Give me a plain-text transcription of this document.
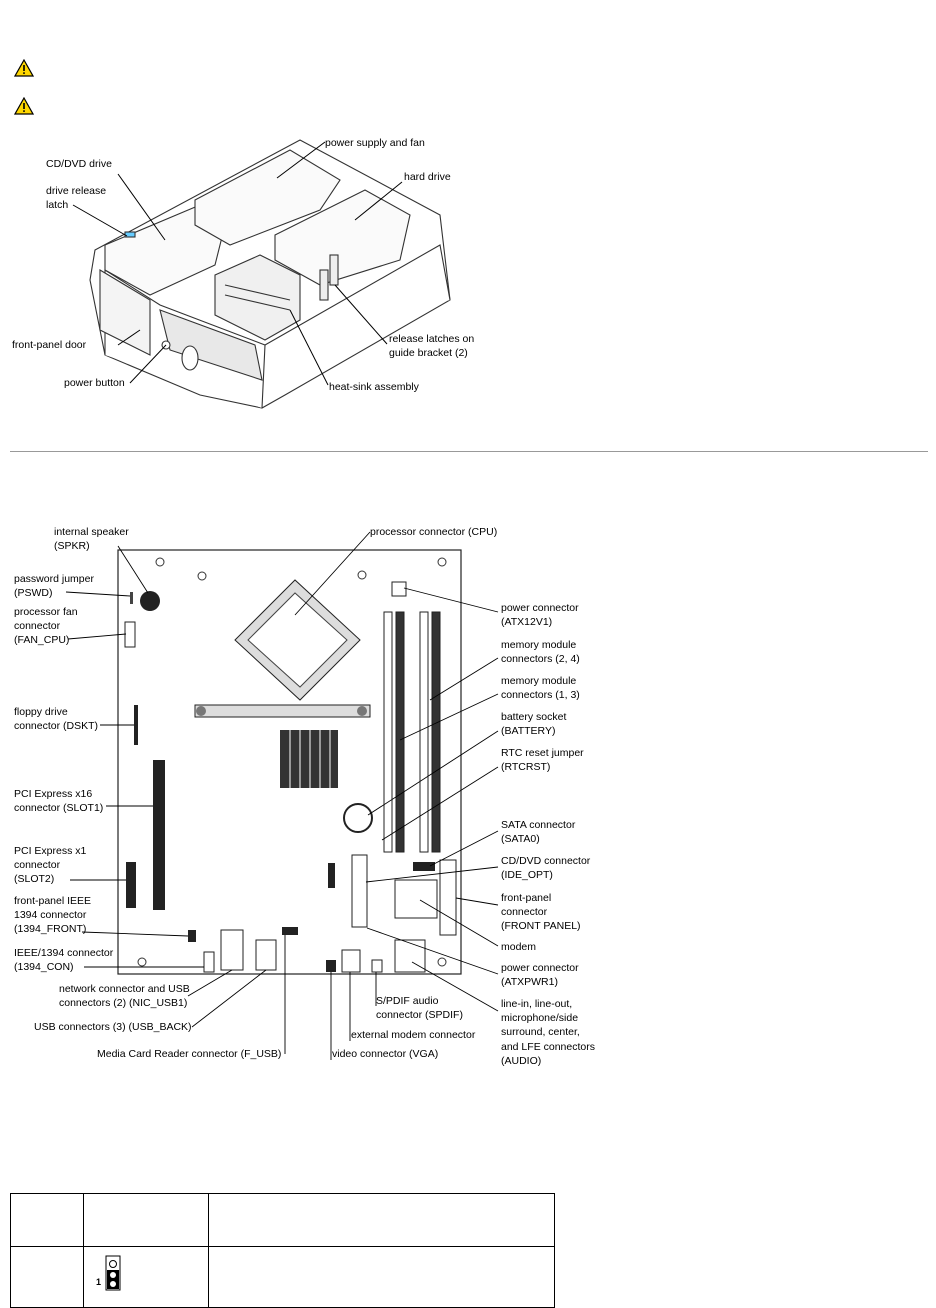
CD/DVD drive
drive release
latch
power supply and fan
hard drive
front-panel door
power button
release latches on
guide bracket (2)
heat-sink assembly
internal speaker
(SPKR)
password jumper
(PSWD)
processor fan
connector
(FAN_CPU)
floppy drive
connector (DSKT)
PCI Express x16
connector (SLOT1)
PCI Express x1
connector
(SLOT2)
front-panel IEEE
1394 connector
(1394_FRONT)
IEEE/1394 connector
(1394_CON)
network connector and USB
connectors (2) (NIC_USB1)
USB connectors (3) (USB_BACK)
Media Card Reader connector (F_USB)
processor connector (CPU)
power connector
(ATX12V1)
memory module
connectors (2, 4)
memory module
connectors (1, 3)
battery socket
(BATTERY)
RTC reset jumper
(RTCRST)
SATA connector
(SATA0)
CD/DVD connector
(IDE_OPT)
front-panel
connector
(FRONT PANEL)
modem
power connector
(ATXPWR1)
line-in, line-out,
microphone/side
surround, center,
and LFE connectors
(AUDIO)
S/PDIF audio
connector (SPDIF)
external modem connector
video connector (VGA)

	1	
